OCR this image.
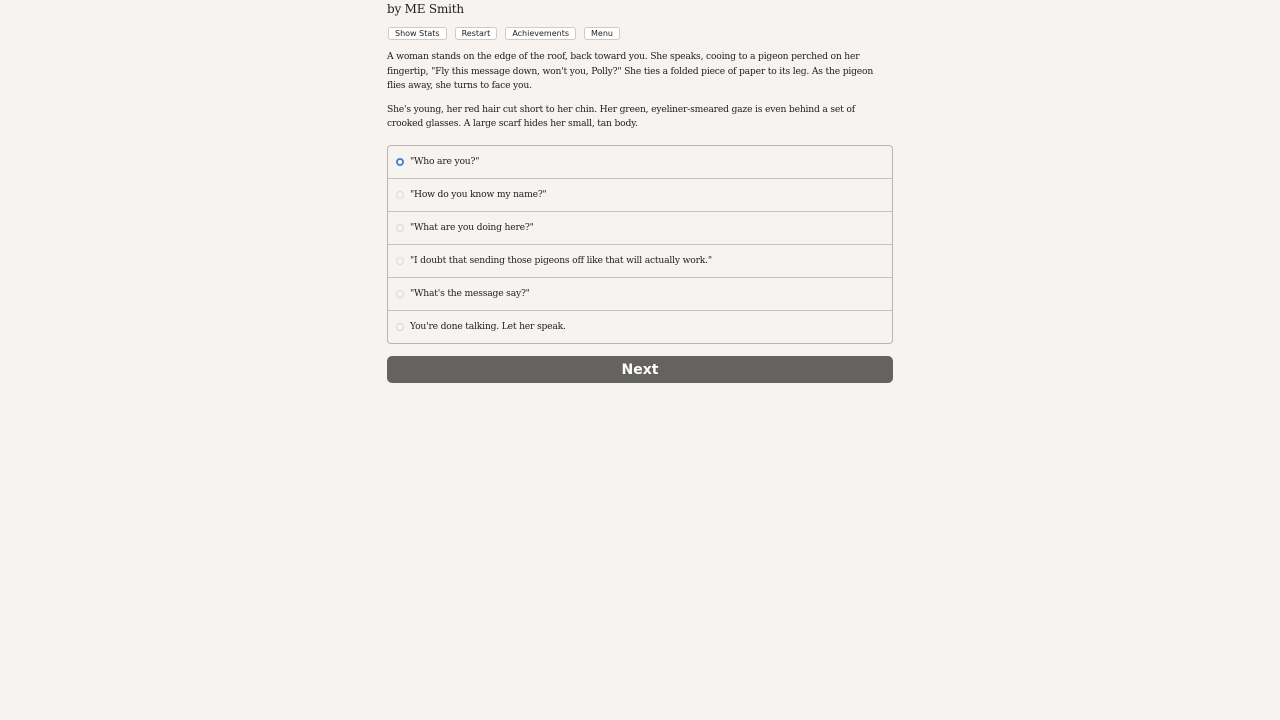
by ME Smith
Show Stats	Restart	Achievements	Menu

A woman stands on the edge of the roof, back toward you. She speaks, cooing to a pigeon perched on her fingertip, "Fly this message down, won't you, Polly?" She ties a folded piece of paper to its leg. As the pigeon flies away, she turns to face you.

She's young, her red hair cut short to her chin. Her green, eyeliner-smeared gaze is even behind a set of crooked glasses. A large scarf hides her small, tan body.

"Who are you?"
"How do you know my name?"
"What are you doing here?"
"I doubt that sending those pigeons off like that will actually work."
"What's the message say?"
You're done talking. Let her speak.
Next
